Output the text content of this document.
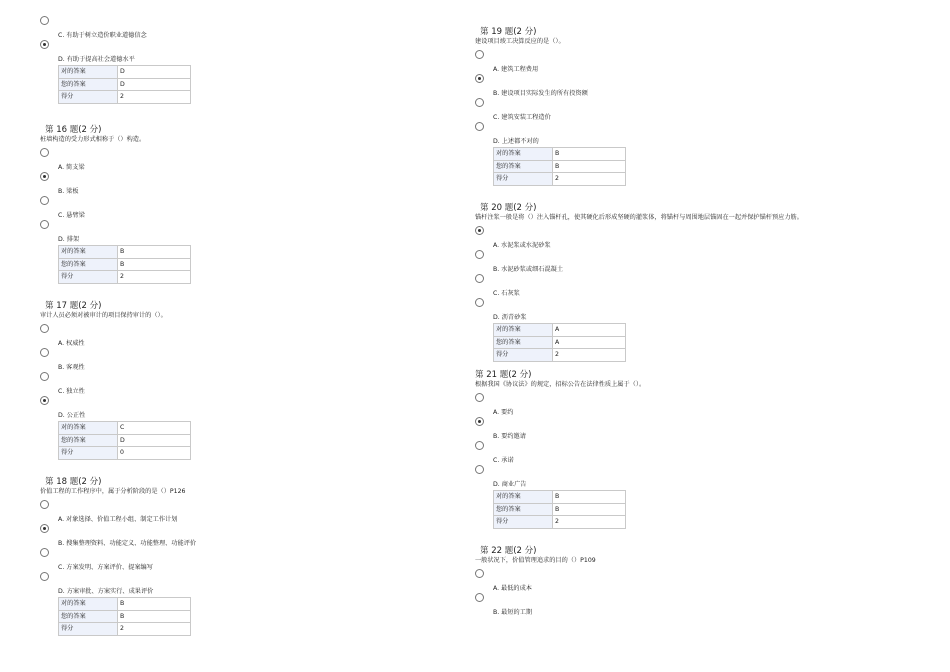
C. 有助于树立造价职业道德信念
D. 有助于提高社会道德水平
对的答案	D
您的答案	D
得分	2
第 16 题(2 分)
桩墙构造的受力形式相称于（）构造。
A. 简支梁
B. 梁板
C. 悬臂梁
D. 排架
对的答案	B
您的答案	B
得分	2
第 17 题(2 分)
审计人员必须对被审计的项目保持审计的（）。
A. 权威性
B. 客观性
C. 独立性
D. 公正性
对的答案	C
您的答案	D
得分	0
第 18 题(2 分)
价值工程的工作程序中，属于分析阶段的是（）P126
A. 对象选择、价值工程小组、制定工作计划
B. 搜集整理资料、功能定义、功能整理、功能评价
C. 方案发明、方案评价、提案编写
D. 方案审批、方案实行、成果评价
对的答案	B
您的答案	B
得分	2
第 19 题(2 分)
建设项目竣工决算反应的是（）。
A. 建筑工程费用
B. 建设项目实际发生的所有投资额
C. 建筑安装工程造价
D. 上述都不对的
对的答案	B
您的答案	B
得分	2
第 20 题(2 分)
锚杆注浆一般是将（）注入锚杆孔，使其硬化后形成坚硬的灌浆体，将锚杆与周围地层锚固在一起并保护锚杆预应力筋。
A. 水泥浆或水泥砂浆
B. 水泥砂浆或细石混凝土
C. 石灰浆
D. 沥青砂浆
对的答案	A
您的答案	A
得分	2
第 21 题(2 分)
根据我国《协议法》的规定，招标公告在法律性质上属于（）。
A. 要约
B. 要约邀请
C. 承诺
D. 商业广告
对的答案	B
您的答案	B
得分	2
第 22 题(2 分)
一般状况下，价值管理追求的目的（）P109
A. 最低的成本
B. 最短的工期
